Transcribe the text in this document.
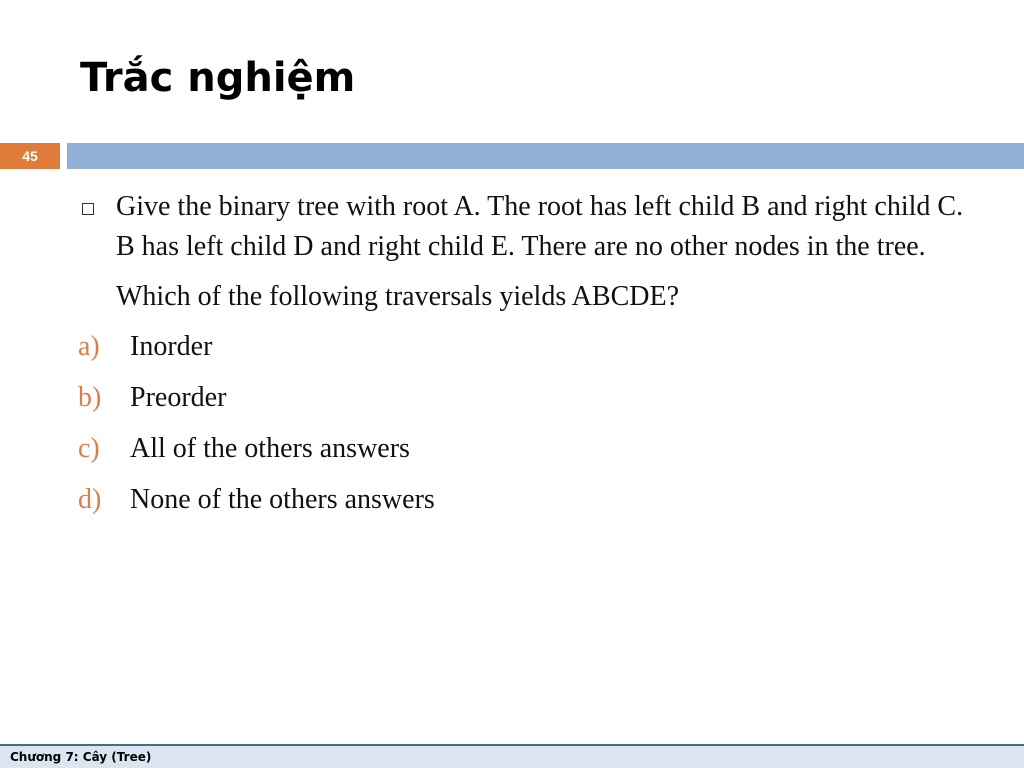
Trắc nghiệm
45
Give the binary tree with root A. The root has left child B and right child C. B has left child D and right child E. There are no other nodes in the tree.
Which of the following traversals yields ABCDE?
a)	Inorder
b)	Preorder
c)	All of the others answers
d)	None of the others answers
Chương 7: Cây (Tree)
